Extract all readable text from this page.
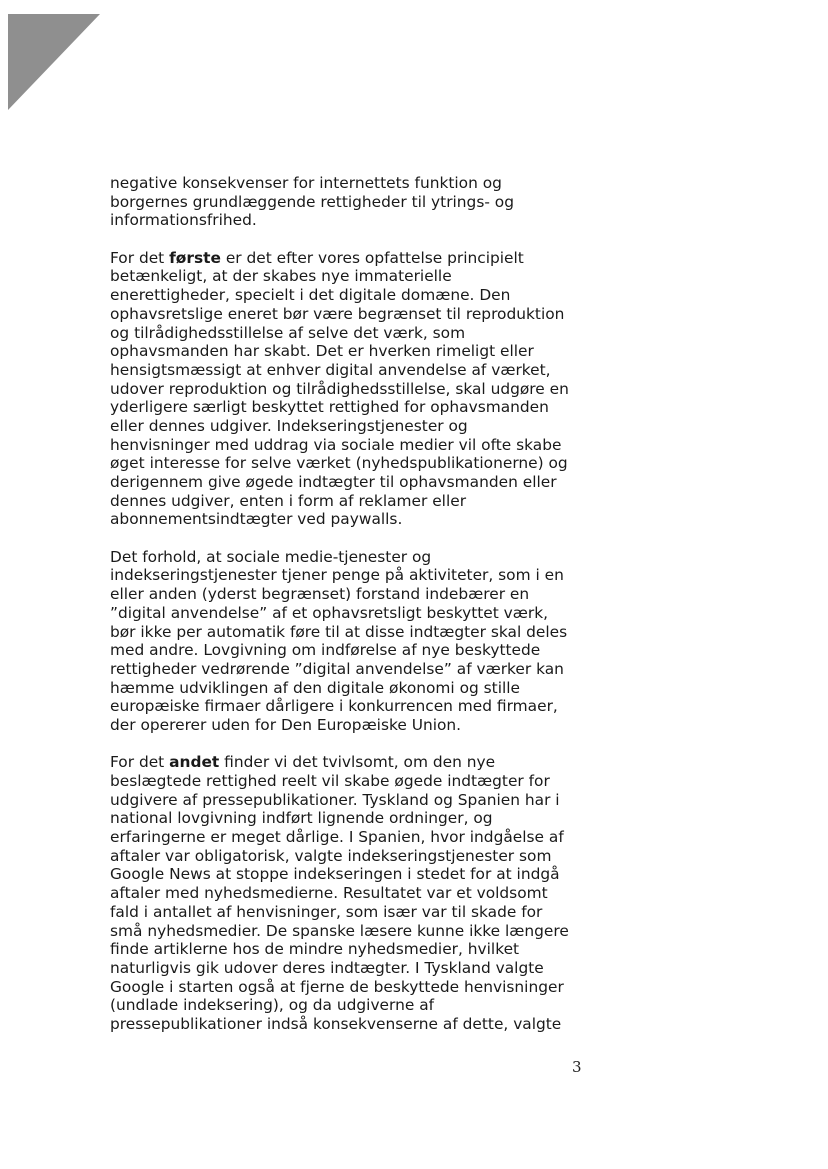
negative konsekvenser for internettets funktion og
borgernes grundlæggende rettigheder til ytrings- og
informationsfrihed.

For det første er det efter vores opfattelse principielt
betænkeligt, at der skabes nye immaterielle
enerettigheder, specielt i det digitale domæne. Den
ophavsretslige eneret bør være begrænset til reproduktion
og tilrådighedsstillelse af selve det værk, som
ophavsmanden har skabt. Det er hverken rimeligt eller
hensigtsmæssigt at enhver digital anvendelse af værket,
udover reproduktion og tilrådighedsstillelse, skal udgøre en
yderligere særligt beskyttet rettighed for ophavsmanden
eller dennes udgiver. Indekseringstjenester og
henvisninger med uddrag via sociale medier vil ofte skabe
øget interesse for selve værket (nyhedspublikationerne) og
derigennem give øgede indtægter til ophavsmanden eller
dennes udgiver, enten i form af reklamer eller
abonnementsindtægter ved paywalls.

Det forhold, at sociale medie-tjenester og
indekseringstjenester tjener penge på aktiviteter, som i en
eller anden (yderst begrænset) forstand indebærer en
”digital anvendelse” af et ophavsretsligt beskyttet værk,
bør ikke per automatik føre til at disse indtægter skal deles
med andre. Lovgivning om indførelse af nye beskyttede
rettigheder vedrørende ”digital anvendelse” af værker kan
hæmme udviklingen af den digitale økonomi og stille
europæiske firmaer dårligere i konkurrencen med firmaer,
der opererer uden for Den Europæiske Union.

For det andet finder vi det tvivlsomt, om den nye
beslægtede rettighed reelt vil skabe øgede indtægter for
udgivere af pressepublikationer. Tyskland og Spanien har i
national lovgivning indført lignende ordninger, og
erfaringerne er meget dårlige. I Spanien, hvor indgåelse af
aftaler var obligatorisk, valgte indekseringstjenester som
Google News at stoppe indekseringen i stedet for at indgå
aftaler med nyhedsmedierne. Resultatet var et voldsomt
fald i antallet af henvisninger, som især var til skade for
små nyhedsmedier. De spanske læsere kunne ikke længere
finde artiklerne hos de mindre nyhedsmedier, hvilket
naturligvis gik udover deres indtægter. I Tyskland valgte
Google i starten også at fjerne de beskyttede henvisninger
(undlade indeksering), og da udgiverne af
pressepublikationer indså konsekvenserne af dette, valgte

3
